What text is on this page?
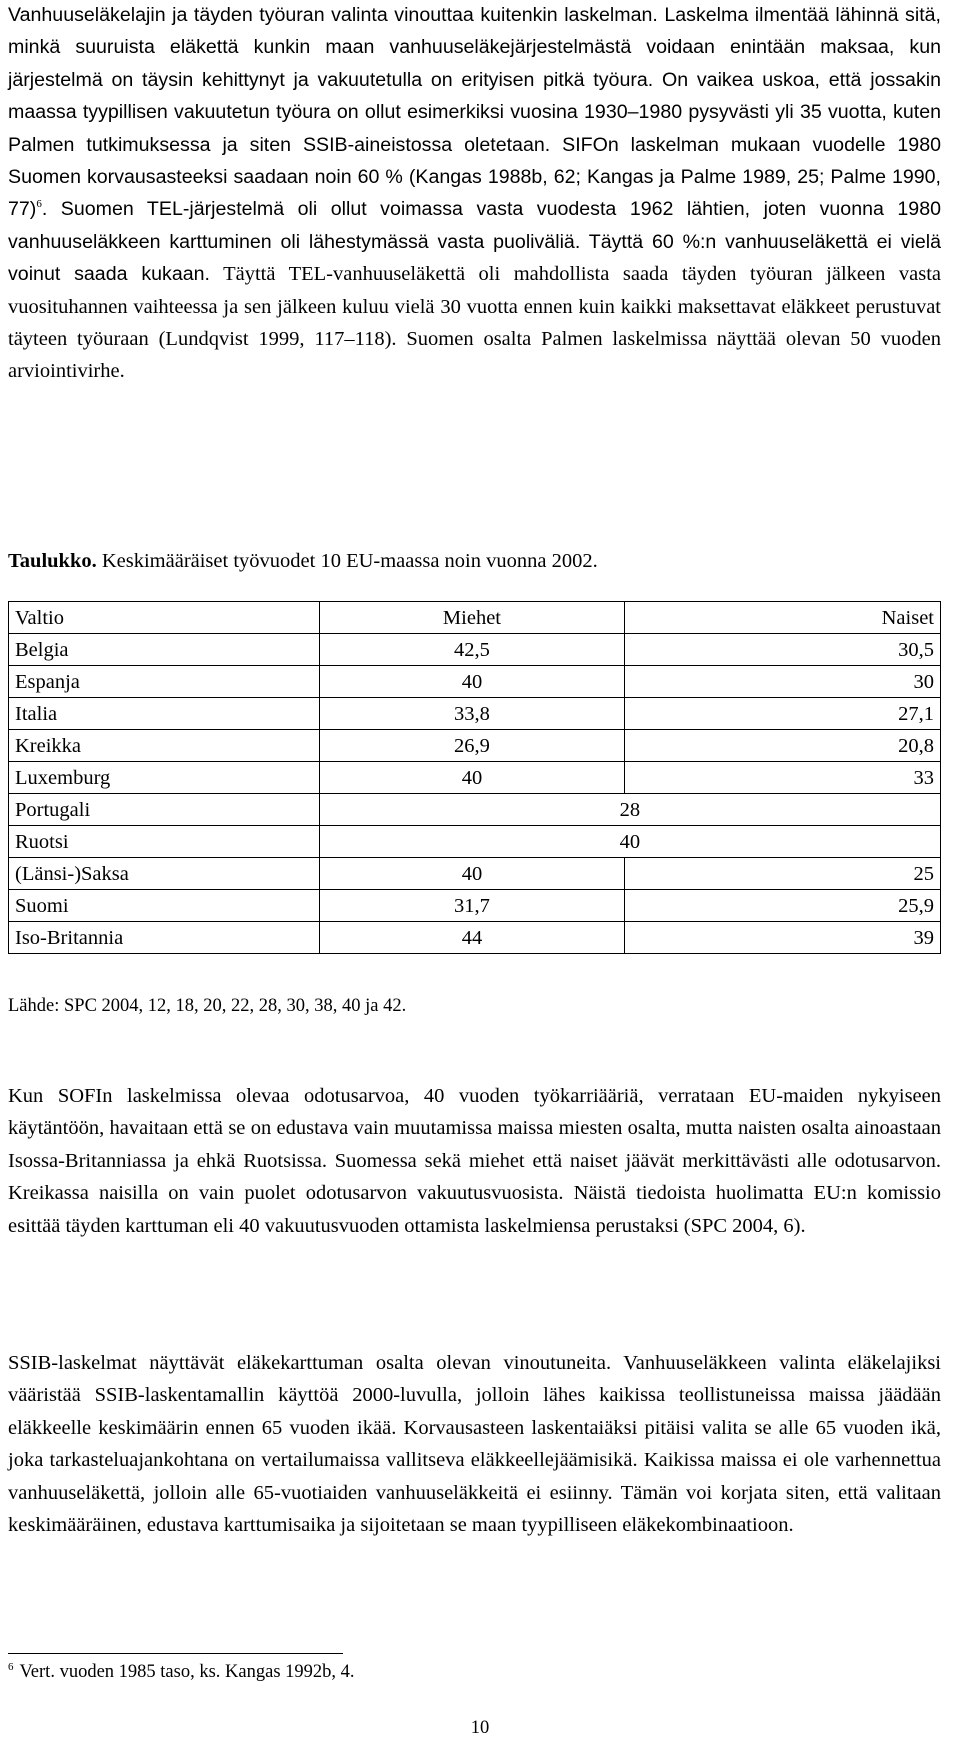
Vanhuuseläkelajin ja täyden työuran valinta vinouttaa kuitenkin laskelman. Laskelma ilmentää lähinnä sitä, minkä suuruista eläkettä kunkin maan vanhuuseläkejärjestelmästä voidaan enintään maksaa, kun järjestelmä on täysin kehittynyt ja vakuutetulla on erityisen pitkä työura. On vaikea uskoa, että jossakin maassa tyypillisen vakuutetun työura on ollut esimerkiksi vuosina 1930–1980 pysyvästi yli 35 vuotta, kuten Palmen tutkimuksessa ja siten SSIB-aineistossa oletetaan. SIFOn laskelman mukaan vuodelle 1980 Suomen korvausasteeksi saadaan noin 60 % (Kangas 1988b, 62; Kangas ja Palme 1989, 25; Palme 1990, 77)$^6$. Suomen TEL-järjestelmä oli ollut voimassa vasta vuodesta 1962 lähtien, joten vuonna 1980 vanhuuseläkkeen karttuminen oli lähestymässä vasta puoliväliä. Täyttä 60 %:n vanhuuseläkettä ei vielä voinut saada kukaan. Täyttä TEL-vanhuuseläkettä oli mahdollista saada täyden työuran jälkeen vasta vuosituhannen vaihteessa ja sen jälkeen kuluu vielä 30 vuotta ennen kuin kaikki maksettavat eläkkeet perustuvat täyteen työuraan (Lundqvist 1999, 117–118). Suomen osalta Palmen laskelmissa näyttää olevan 50 vuoden arviointivirhe.

Taulukko. Keskimääräiset työvuodet 10 EU-maassa noin vuonna 2002.

Valtio	Miehet	Naiset
Belgia	42,5	30,5
Espanja	40	30
Italia	33,8	27,1
Kreikka	26,9	20,8
Luxemburg	40	33
Portugali	28	
Ruotsi	40	
(Länsi-)Saksa	40	25
Suomi	31,7	25,9
Iso-Britannia	44	39

Lähde: SPC 2004, 12, 18, 20, 22, 28, 30, 38, 40 ja 42.

Kun SOFIn laskelmissa olevaa odotusarvoa, 40 vuoden työkarriääriä, verrataan EU-maiden nykyiseen käytäntöön, havaitaan että se on edustava vain muutamissa maissa miesten osalta, mutta naisten osalta ainoastaan Isossa-Britanniassa ja ehkä Ruotsissa. Suomessa sekä miehet että naiset jäävät merkittävästi alle odotusarvon. Kreikassa naisilla on vain puolet odotusarvon vakuutusvuosista. Näistä tiedoista huolimatta EU:n komissio esittää täyden karttuman eli 40 vakuutusvuoden ottamista laskelmiensa perustaksi (SPC 2004, 6).

SSIB-laskelmat näyttävät eläkekarttuman osalta olevan vinoutuneita. Vanhuuseläkkeen valinta eläkelajiksi vääristää SSIB-laskentamallin käyttöä 2000-luvulla, jolloin lähes kaikissa teollistuneissa maissa jäädään eläkkeelle keskimäärin ennen 65 vuoden ikää. Korvausasteen laskentaiäksi pitäisi valita se alle 65 vuoden ikä, joka tarkasteluajankohtana on vertailumaissa vallitseva eläkkeellejäämisikä. Kaikissa maissa ei ole varhennettua vanhuuseläkettä, jolloin alle 65-vuotiaiden vanhuuseläkkeitä ei esiinny. Tämän voi korjata siten, että valitaan keskimääräinen, edustava karttumisaika ja sijoitetaan se maan tyypilliseen eläkekombinaatioon.

$^6$ Vert. vuoden 1985 taso, ks. Kangas 1992b, 4.

10
